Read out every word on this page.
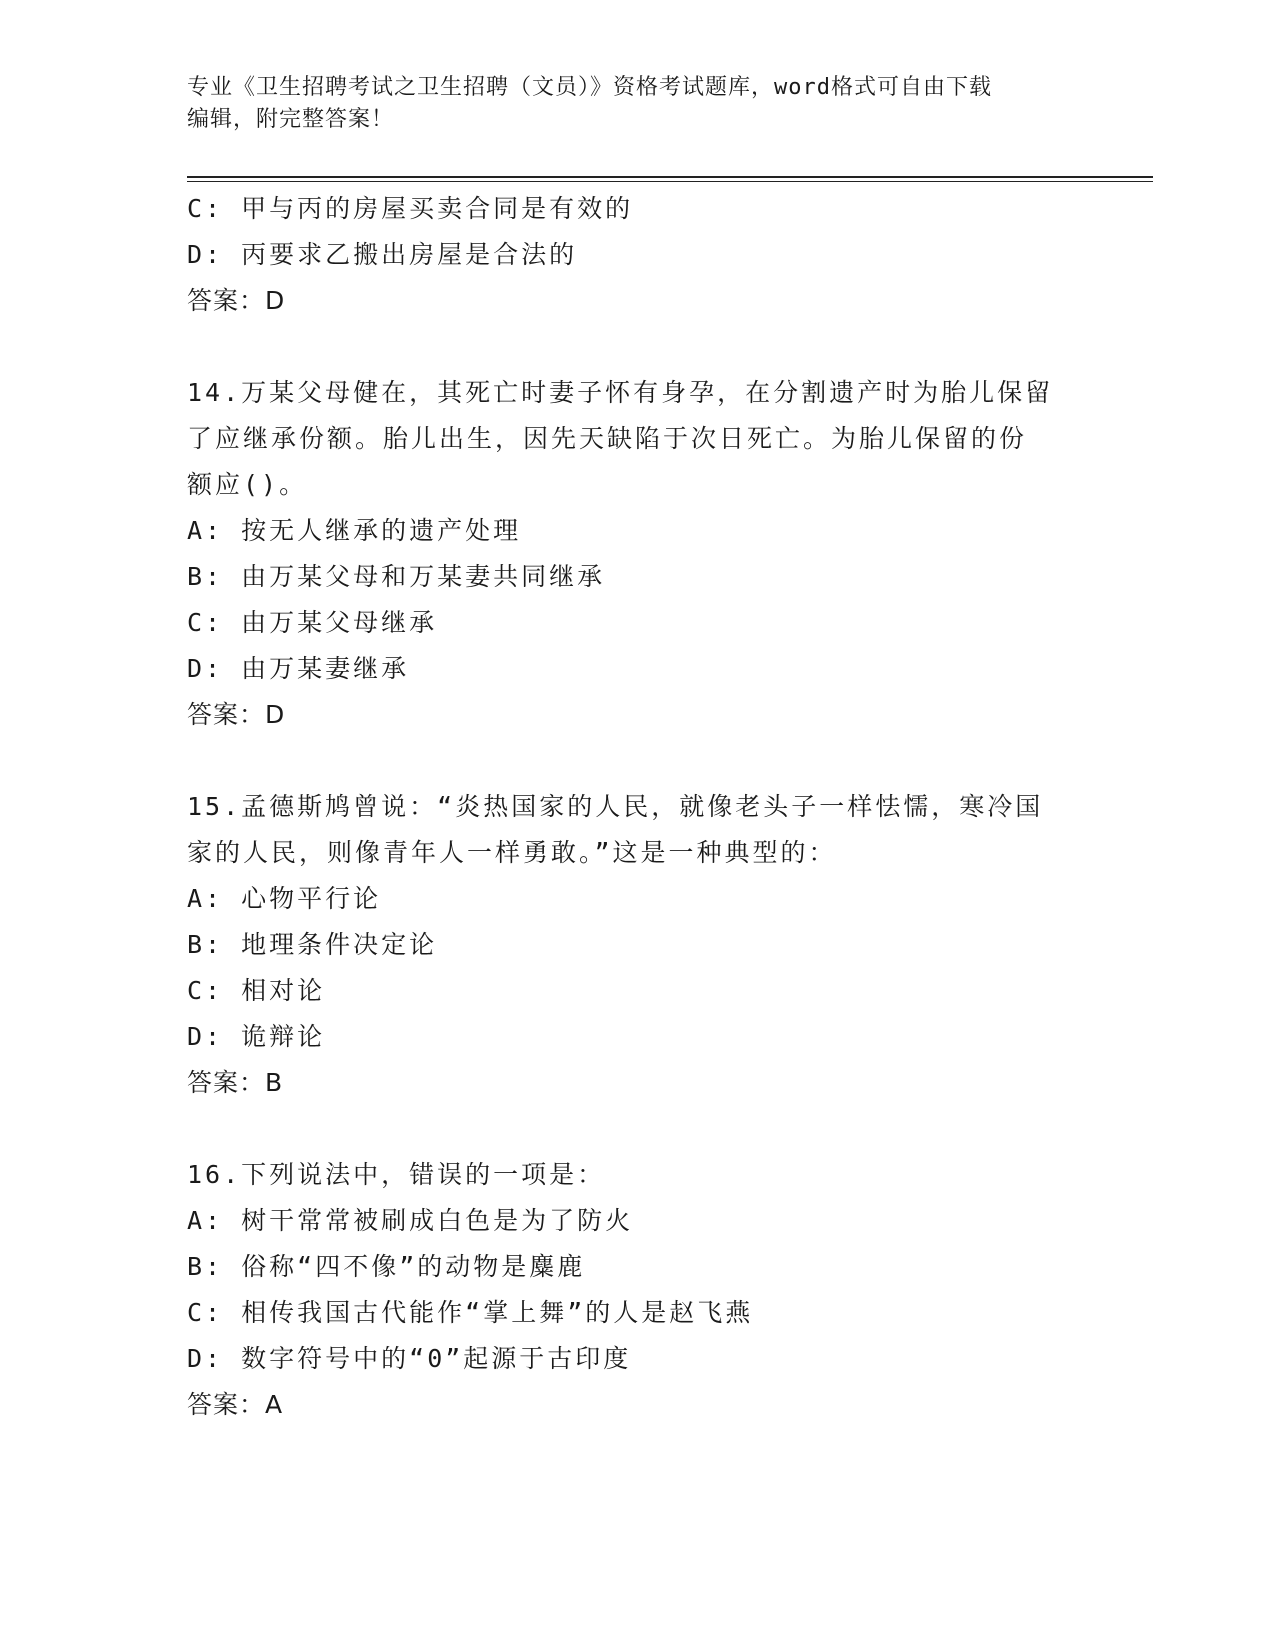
专业《卫生招聘考试之卫生招聘（文员）》资格考试题库，word格式可自由下载
编辑，附完整答案！
C: 甲与丙的房屋买卖合同是有效的
D: 丙要求乙搬出房屋是合法的
答案：D
14.万某父母健在，其死亡时妻子怀有身孕，在分割遗产时为胎儿保留
了应继承份额。胎儿出生，因先天缺陷于次日死亡。为胎儿保留的份
额应()。
A: 按无人继承的遗产处理
B: 由万某父母和万某妻共同继承
C: 由万某父母继承
D: 由万某妻继承
答案：D
15.孟德斯鸠曾说：“炎热国家的人民，就像老头子一样怯懦，寒冷国
家的人民，则像青年人一样勇敢。”这是一种典型的：
A: 心物平行论
B: 地理条件决定论
C: 相对论
D: 诡辩论
答案：B
16.下列说法中，错误的一项是：
A: 树干常常被刷成白色是为了防火
B: 俗称“四不像”的动物是麋鹿
C: 相传我国古代能作“掌上舞”的人是赵飞燕
D: 数字符号中的“0”起源于古印度
答案：A
